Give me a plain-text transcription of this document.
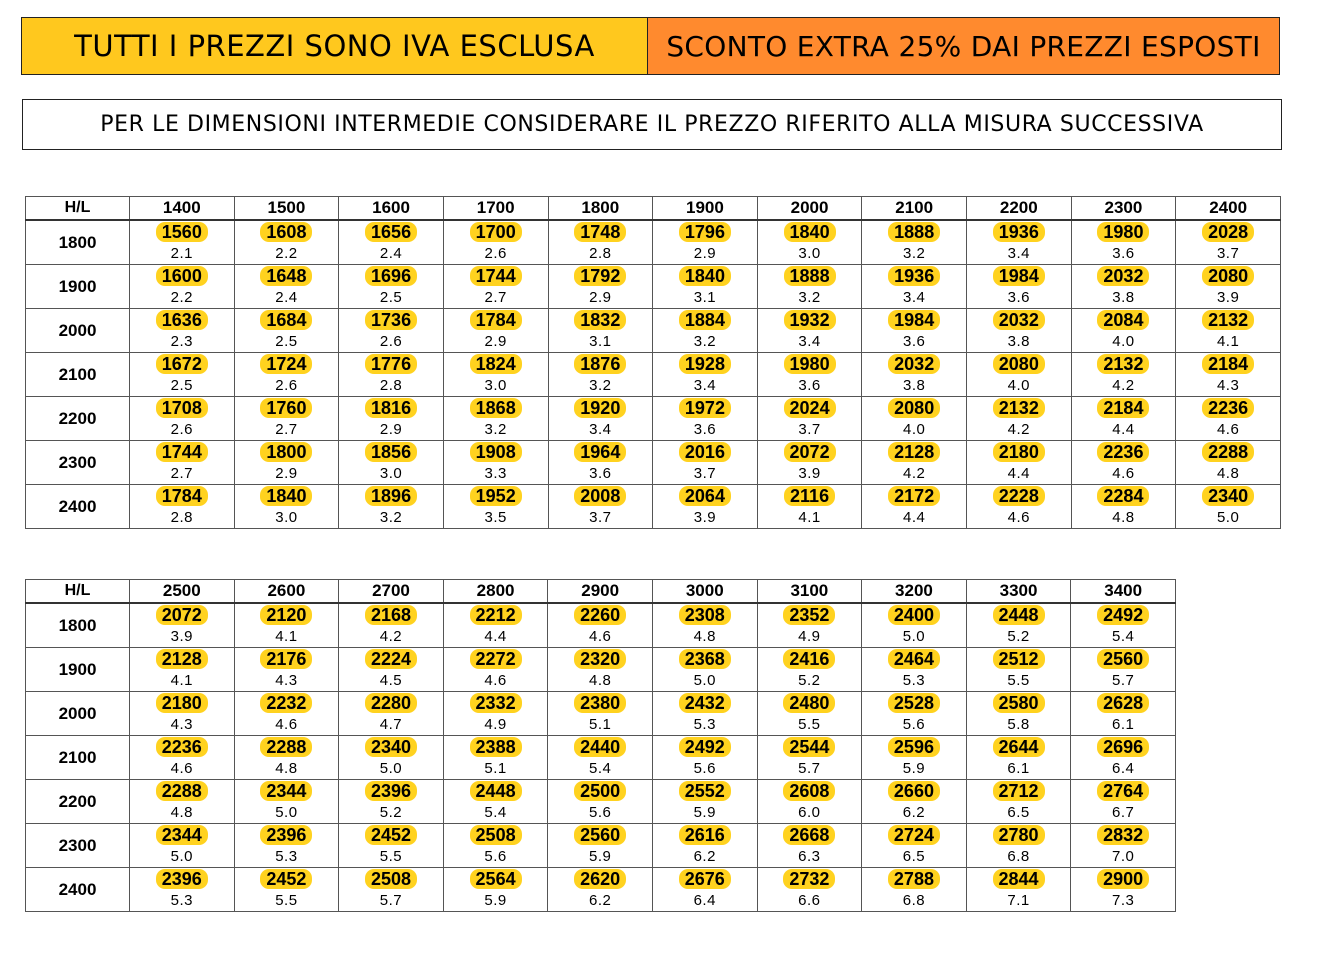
TUTTI I PREZZI SONO IVA ESCLUSA	SCONTO EXTRA 25% DAI PREZZI ESPOSTI
PER LE DIMENSIONI INTERMEDIE CONSIDERARE IL PREZZO RIFERITO ALLA MISURA SUCCESSIVA
H/L	1400	1500	1600	1700	1800	1900	2000	2100	2200	2300	2400
1800	1560	1608	1656	1700	1748	1796	1840	1888	1936	1980	2028
	2.1	2.2	2.4	2.6	2.8	2.9	3.0	3.2	3.4	3.6	3.7
1900	1600	1648	1696	1744	1792	1840	1888	1936	1984	2032	2080
	2.2	2.4	2.5	2.7	2.9	3.1	3.2	3.4	3.6	3.8	3.9
2000	1636	1684	1736	1784	1832	1884	1932	1984	2032	2084	2132
	2.3	2.5	2.6	2.9	3.1	3.2	3.4	3.6	3.8	4.0	4.1
2100	1672	1724	1776	1824	1876	1928	1980	2032	2080	2132	2184
	2.5	2.6	2.8	3.0	3.2	3.4	3.6	3.8	4.0	4.2	4.3
2200	1708	1760	1816	1868	1920	1972	2024	2080	2132	2184	2236
	2.6	2.7	2.9	3.2	3.4	3.6	3.7	4.0	4.2	4.4	4.6
2300	1744	1800	1856	1908	1964	2016	2072	2128	2180	2236	2288
	2.7	2.9	3.0	3.3	3.6	3.7	3.9	4.2	4.4	4.6	4.8
2400	1784	1840	1896	1952	2008	2064	2116	2172	2228	2284	2340
	2.8	3.0	3.2	3.5	3.7	3.9	4.1	4.4	4.6	4.8	5.0
H/L	2500	2600	2700	2800	2900	3000	3100	3200	3300	3400
1800	2072	2120	2168	2212	2260	2308	2352	2400	2448	2492
	3.9	4.1	4.2	4.4	4.6	4.8	4.9	5.0	5.2	5.4
1900	2128	2176	2224	2272	2320	2368	2416	2464	2512	2560
	4.1	4.3	4.5	4.6	4.8	5.0	5.2	5.3	5.5	5.7
2000	2180	2232	2280	2332	2380	2432	2480	2528	2580	2628
	4.3	4.6	4.7	4.9	5.1	5.3	5.5	5.6	5.8	6.1
2100	2236	2288	2340	2388	2440	2492	2544	2596	2644	2696
	4.6	4.8	5.0	5.1	5.4	5.6	5.7	5.9	6.1	6.4
2200	2288	2344	2396	2448	2500	2552	2608	2660	2712	2764
	4.8	5.0	5.2	5.4	5.6	5.9	6.0	6.2	6.5	6.7
2300	2344	2396	2452	2508	2560	2616	2668	2724	2780	2832
	5.0	5.3	5.5	5.6	5.9	6.2	6.3	6.5	6.8	7.0
2400	2396	2452	2508	2564	2620	2676	2732	2788	2844	2900
	5.3	5.5	5.7	5.9	6.2	6.4	6.6	6.8	7.1	7.3
